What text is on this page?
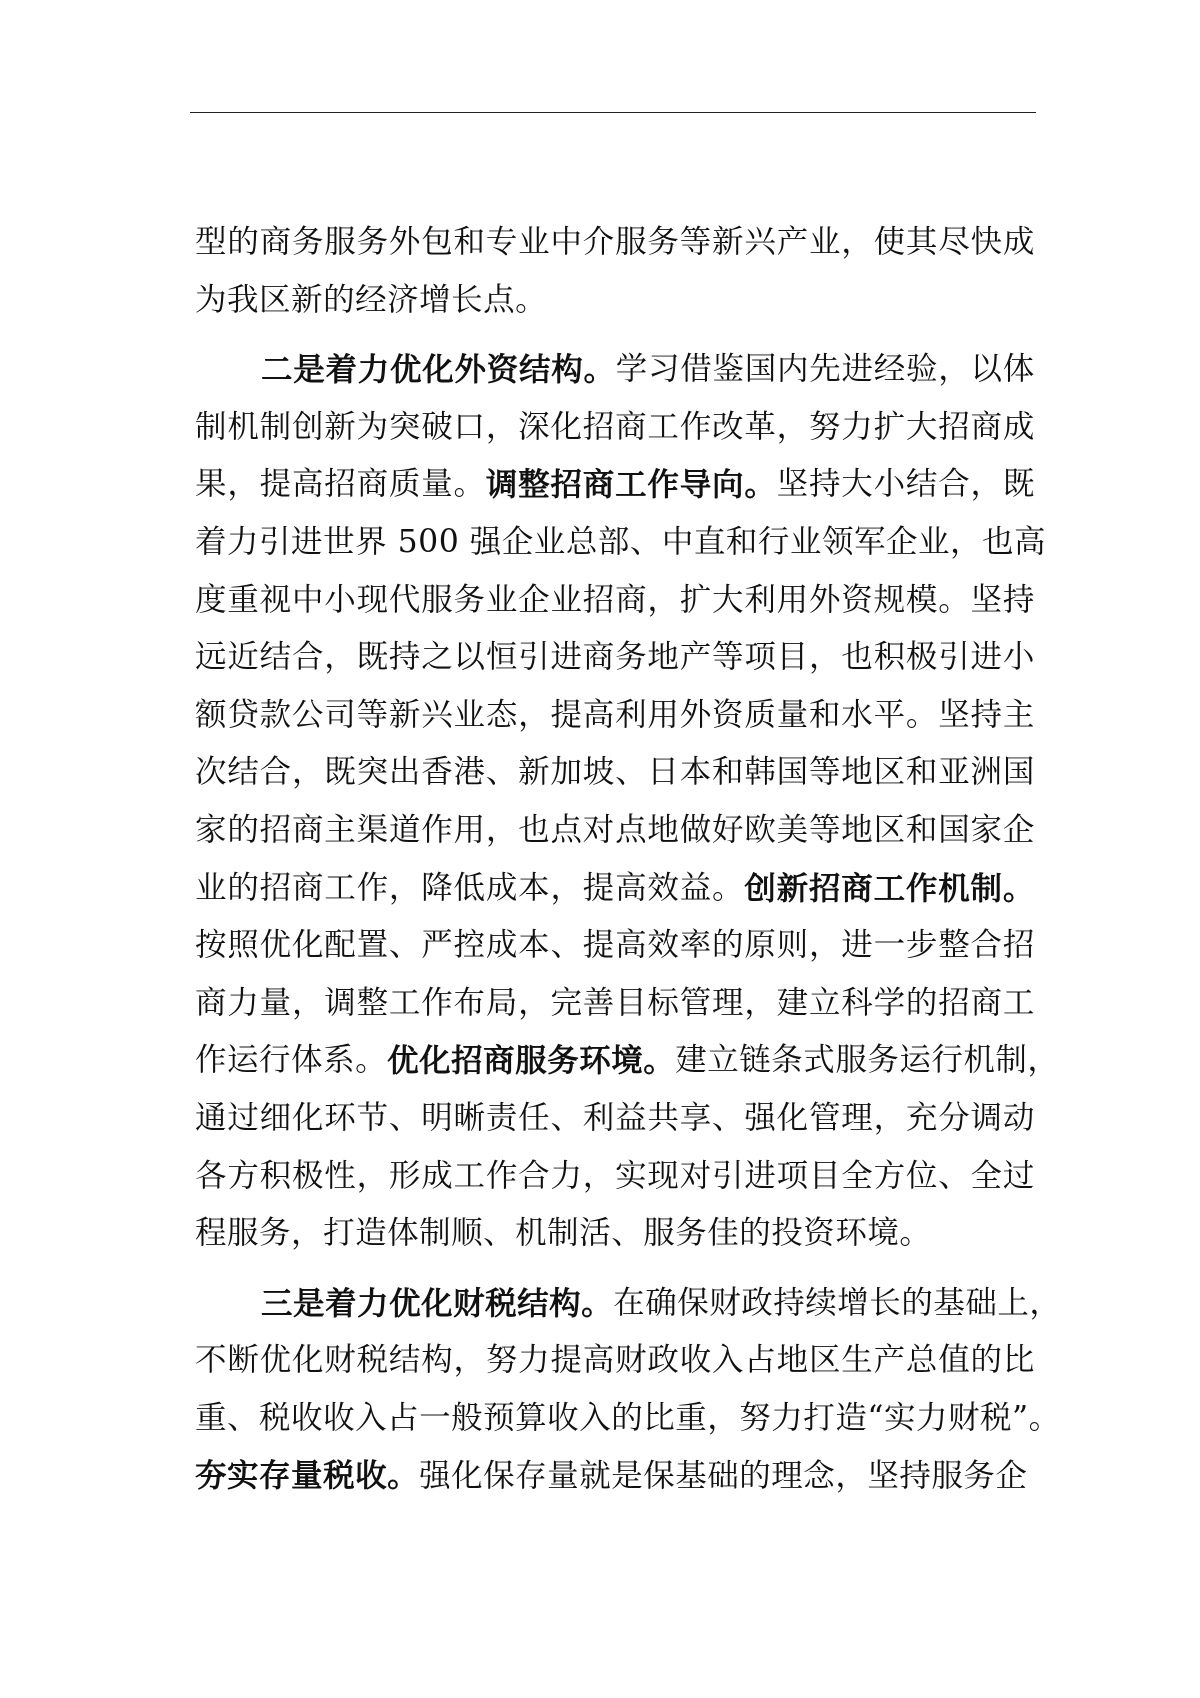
型 的 商 务 服 务 外 包 和 专 业 中 介 服 务 等 新 兴 产 业 ， 使 其 尽 快 成
为我区新的经济增长点。
二 是 着 力 优 化 外 资 结 构 。 学 习 借 鉴 国 内 先 进 经 验 ， 以 体
制 机 制 创 新 为 突 破 口 ， 深 化 招 商 工 作 改 革 ， 努 力 扩 大 招 商 成
果 ， 提 高 招 商 质 量 。 调 整 招 商 工 作 导 向 。 坚 持 大 小 结 合 ， 既
着 力 引 进 世 界
5 0 0
强 企 业 总 部 、 中 直 和 行 业 领 军 企 业 ， 也 高
度 重 视 中 小 现 代 服 务 业 企 业 招 商 ， 扩 大 利 用 外 资 规 模 。 坚 持
远 近 结 合 ， 既 持 之 以 恒 引 进 商 务 地 产 等 项 目 ， 也 积 极 引 进 小
额 贷 款 公 司 等 新 兴 业 态 ， 提 高 利 用 外 资 质 量 和 水 平 。 坚 持 主
次 结 合 ， 既 突 出 香 港 、 新 加 坡 、 日 本 和 韩 国 等 地 区 和 亚 洲 国
家 的 招 商 主 渠 道 作 用 ， 也 点 对 点 地 做 好 欧 美 等 地 区 和 国 家 企
业 的 招 商 工 作 ， 降 低 成 本 ， 提 高 效 益 。 创 新 招 商 工 作 机 制 。
按 照 优 化 配 置 、 严 控 成 本 、 提 高 效 率 的 原 则 ， 进 一 步 整 合 招
商 力 量 ， 调 整 工 作 布 局 ， 完 善 目 标 管 理 ， 建 立 科 学 的 招 商 工
作 运 行 体 系 。 优 化 招 商 服 务 环 境 。 建 立 链 条 式 服 务 运 行 机 制 ，
通 过 细 化 环 节 、 明 晰 责 任 、 利 益 共 享 、 强 化 管 理 ， 充 分 调 动
各 方 积 极 性 ， 形 成 工 作 合 力 ， 实 现 对 引 进 项 目 全 方 位 、 全 过
程服务，打造体制顺、机制活、服务佳的投资环境。
三 是 着 力 优 化 财 税 结 构 。 在 确 保 财 政 持 续 增 长 的 基 础 上 ，
不 断 优 化 财 税 结 构 ， 努 力 提 高 财 政 收 入 占 地 区 生 产 总 值 的 比
重 、 税 收 收 入 占 一 般 预 算 收 入 的 比 重 ， 努 力 打 造 “ 实 力 财 税 ” 。
夯实存量税收。强化保存量就是保基础的理念，坚持服务企
